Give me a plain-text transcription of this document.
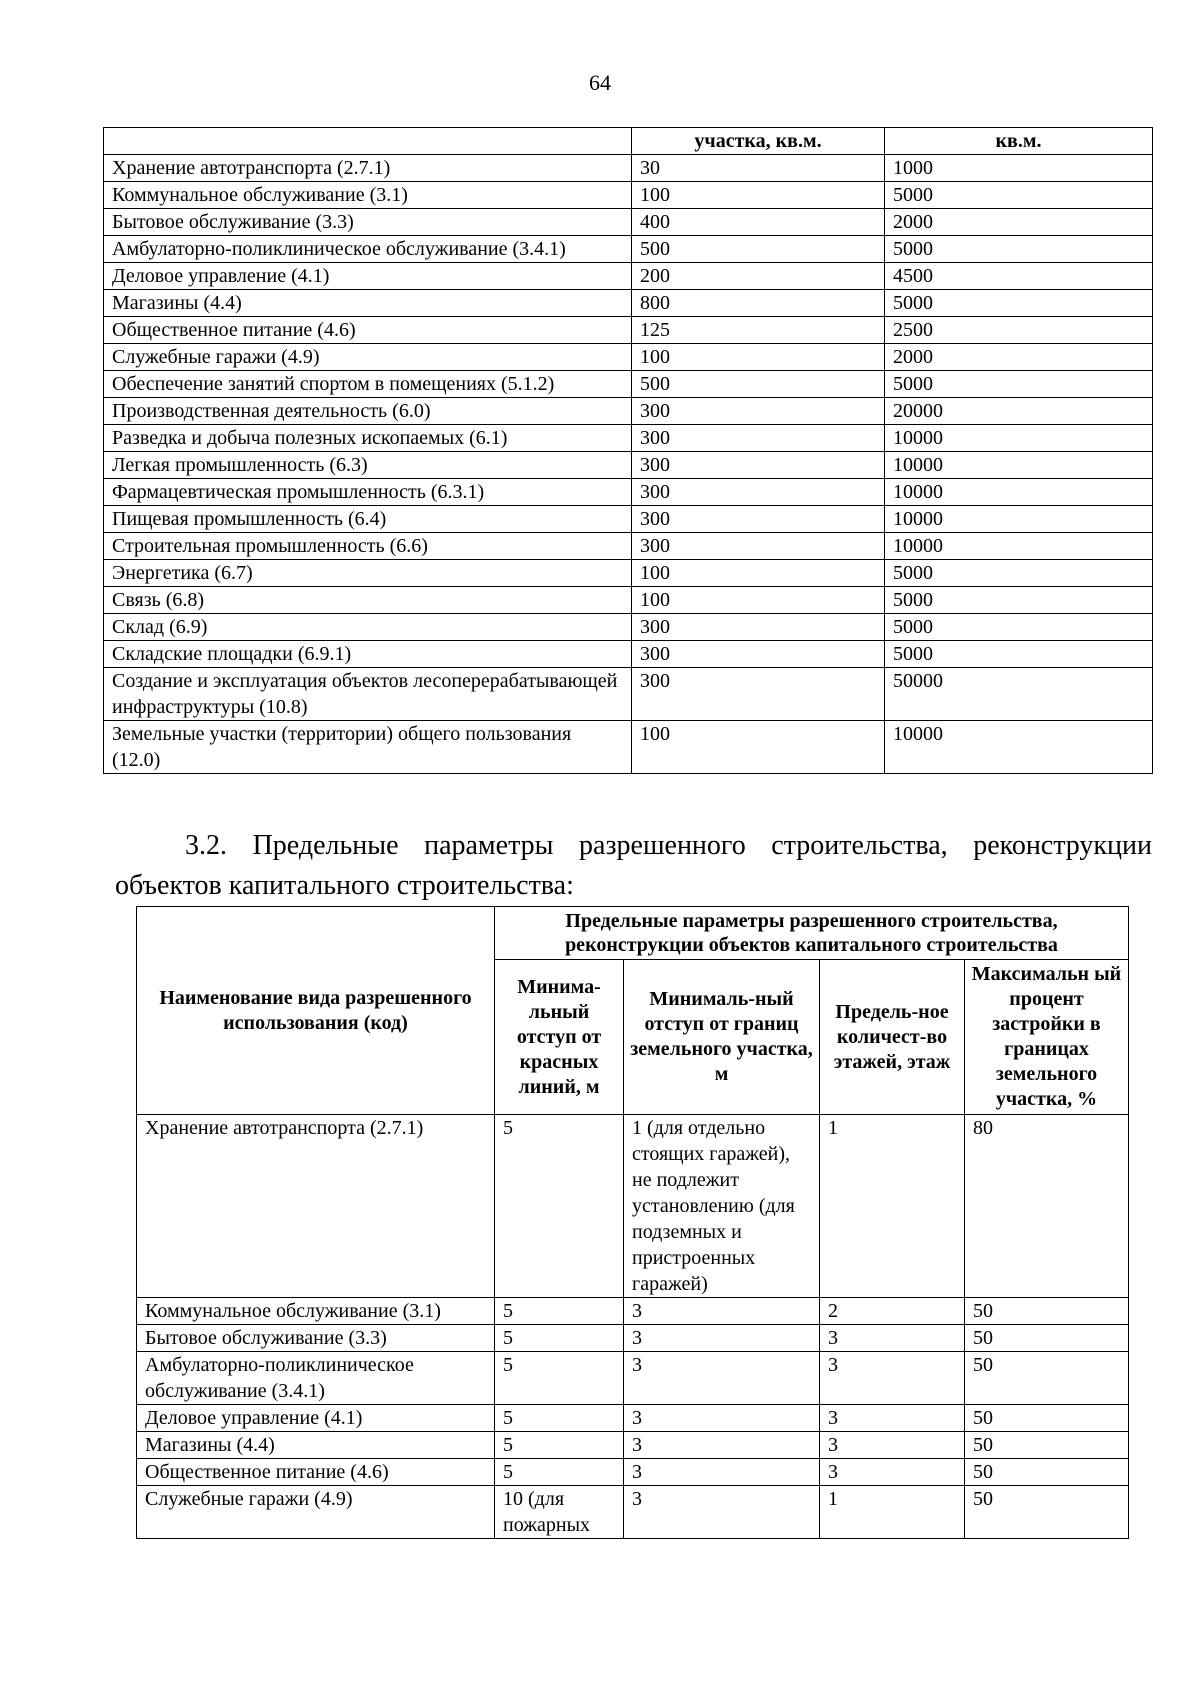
64
	участка, кв.м.	кв.м.
Хранение автотранспорта (2.7.1)	30	1000
Коммунальное обслуживание (3.1)	100	5000
Бытовое обслуживание (3.3)	400	2000
Амбулаторно-поликлиническое обслуживание (3.4.1)	500	5000
Деловое управление (4.1)	200	4500
Магазины (4.4)	800	5000
Общественное питание (4.6)	125	2500
Служебные гаражи (4.9)	100	2000
Обеспечение занятий спортом в помещениях (5.1.2)	500	5000
Производственная деятельность (6.0)	300	20000
Разведка и добыча полезных ископаемых (6.1)	300	10000
Легкая промышленность (6.3)	300	10000
Фармацевтическая промышленность (6.3.1)	300	10000
Пищевая промышленность (6.4)	300	10000
Строительная промышленность (6.6)	300	10000
Энергетика (6.7)	100	5000
Связь (6.8)	100	5000
Склад (6.9)	300	5000
Складские площадки (6.9.1)	300	5000
Создание и эксплуатация объектов лесоперерабатывающей инфраструктуры (10.8)	300	50000
Земельные участки (территории) общего пользования (12.0)	100	10000
3.2. Предельные параметры разрешенного строительства, реконструкции объектов капитального строительства:
Наименование вида разрешенного использования (код)	Предельные параметры разрешенного строительства, реконструкции объектов капитального строительства			
	Минима-льный отступ от красных линий, м	Минималь-ный отступ от границ земельного участка, м	Предель-ное количест-во этажей, этаж	Максимальн ый процент застройки в границах земельного участка, %
Хранение автотранспорта (2.7.1)	5	1 (для отдельно стоящих гаражей), не подлежит установлению (для подземных и пристроенных гаражей)	1	80
Коммунальное обслуживание (3.1)	5	3	2	50
Бытовое обслуживание (3.3)	5	3	3	50
Амбулаторно-поликлиническое обслуживание (3.4.1)	5	3	3	50
Деловое управление (4.1)	5	3	3	50
Магазины (4.4)	5	3	3	50
Общественное питание (4.6)	5	3	3	50
Служебные гаражи (4.9)	10 (для пожарных	3	1	50
